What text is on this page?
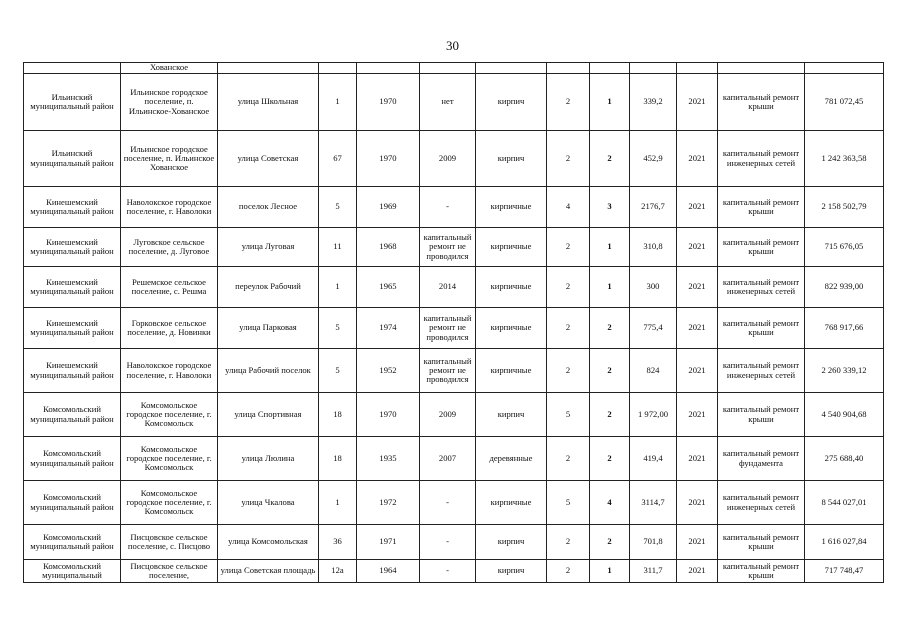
30
	Хованское											
Ильинский муниципальный район	Ильинское городское поселение, п. Ильинское-Хованское	улица Школьная	1	1970	нет	кирпич	2	1	339,2	2021	капитальный ремонт крыши	781 072,45
Ильинский муниципальный район	Ильинское городское поселение, п. Ильинское Хованское	улица Советская	67	1970	2009	кирпич	2	2	452,9	2021	капитальный ремонт инженерных сетей	1 242 363,58
Кинешемский муниципальный район	Наволокское городское поселение, г. Наволоки	поселок Лесное	5	1969	-	кирпичные	4	3	2176,7	2021	капитальный ремонт крыши	2 158 502,79
Кинешемский муниципальный район	Луговское сельское поселение, д. Луговое	улица Луговая	11	1968	капитальный ремонт не проводился	кирпичные	2	1	310,8	2021	капитальный ремонт крыши	715 676,05
Кинешемский муниципальный район	Решемское сельское поселение, с. Решма	переулок Рабочий	1	1965	2014	кирпичные	2	1	300	2021	капитальный ремонт инженерных сетей	822 939,00
Кинешемский муниципальный район	Горковское сельское поселение, д. Новинки	улица Парковая	5	1974	капитальный ремонт не проводился	кирпичные	2	2	775,4	2021	капитальный ремонт крыши	768 917,66
Кинешемский муниципальный район	Наволокское городское поселение, г. Наволоки	улица Рабочий поселок	5	1952	капитальный ремонт не проводился	кирпичные	2	2	824	2021	капитальный ремонт инженерных сетей	2 260 339,12
Комсомольский муниципальный район	Комсомольское городское поселение, г. Комсомольск	улица Спортивная	18	1970	2009	кирпич	5	2	1 972,00	2021	капитальный ремонт крыши	4 540 904,68
Комсомольский муниципальный район	Комсомольское городское поселение, г. Комсомольск	улица Люлина	18	1935	2007	деревянные	2	2	419,4	2021	капитальный ремонт фундамента	275 688,40
Комсомольский муниципальный район	Комсомольское городское поселение, г. Комсомольск	улица Чкалова	1	1972	-	кирпичные	5	4	3114,7	2021	капитальный ремонт инженерных сетей	8 544 027,01
Комсомольский муниципальный район	Писцовское сельское поселение, с. Писцово	улица Комсомольская	36	1971	-	кирпич	2	2	701,8	2021	капитальный ремонт крыши	1 616 027,84
Комсомольский муниципальный	Писцовское сельское поселение,	улица Советская площадь	12а	1964	-	кирпич	2	1	311,7	2021	капитальный ремонт крыши	717 748,47
